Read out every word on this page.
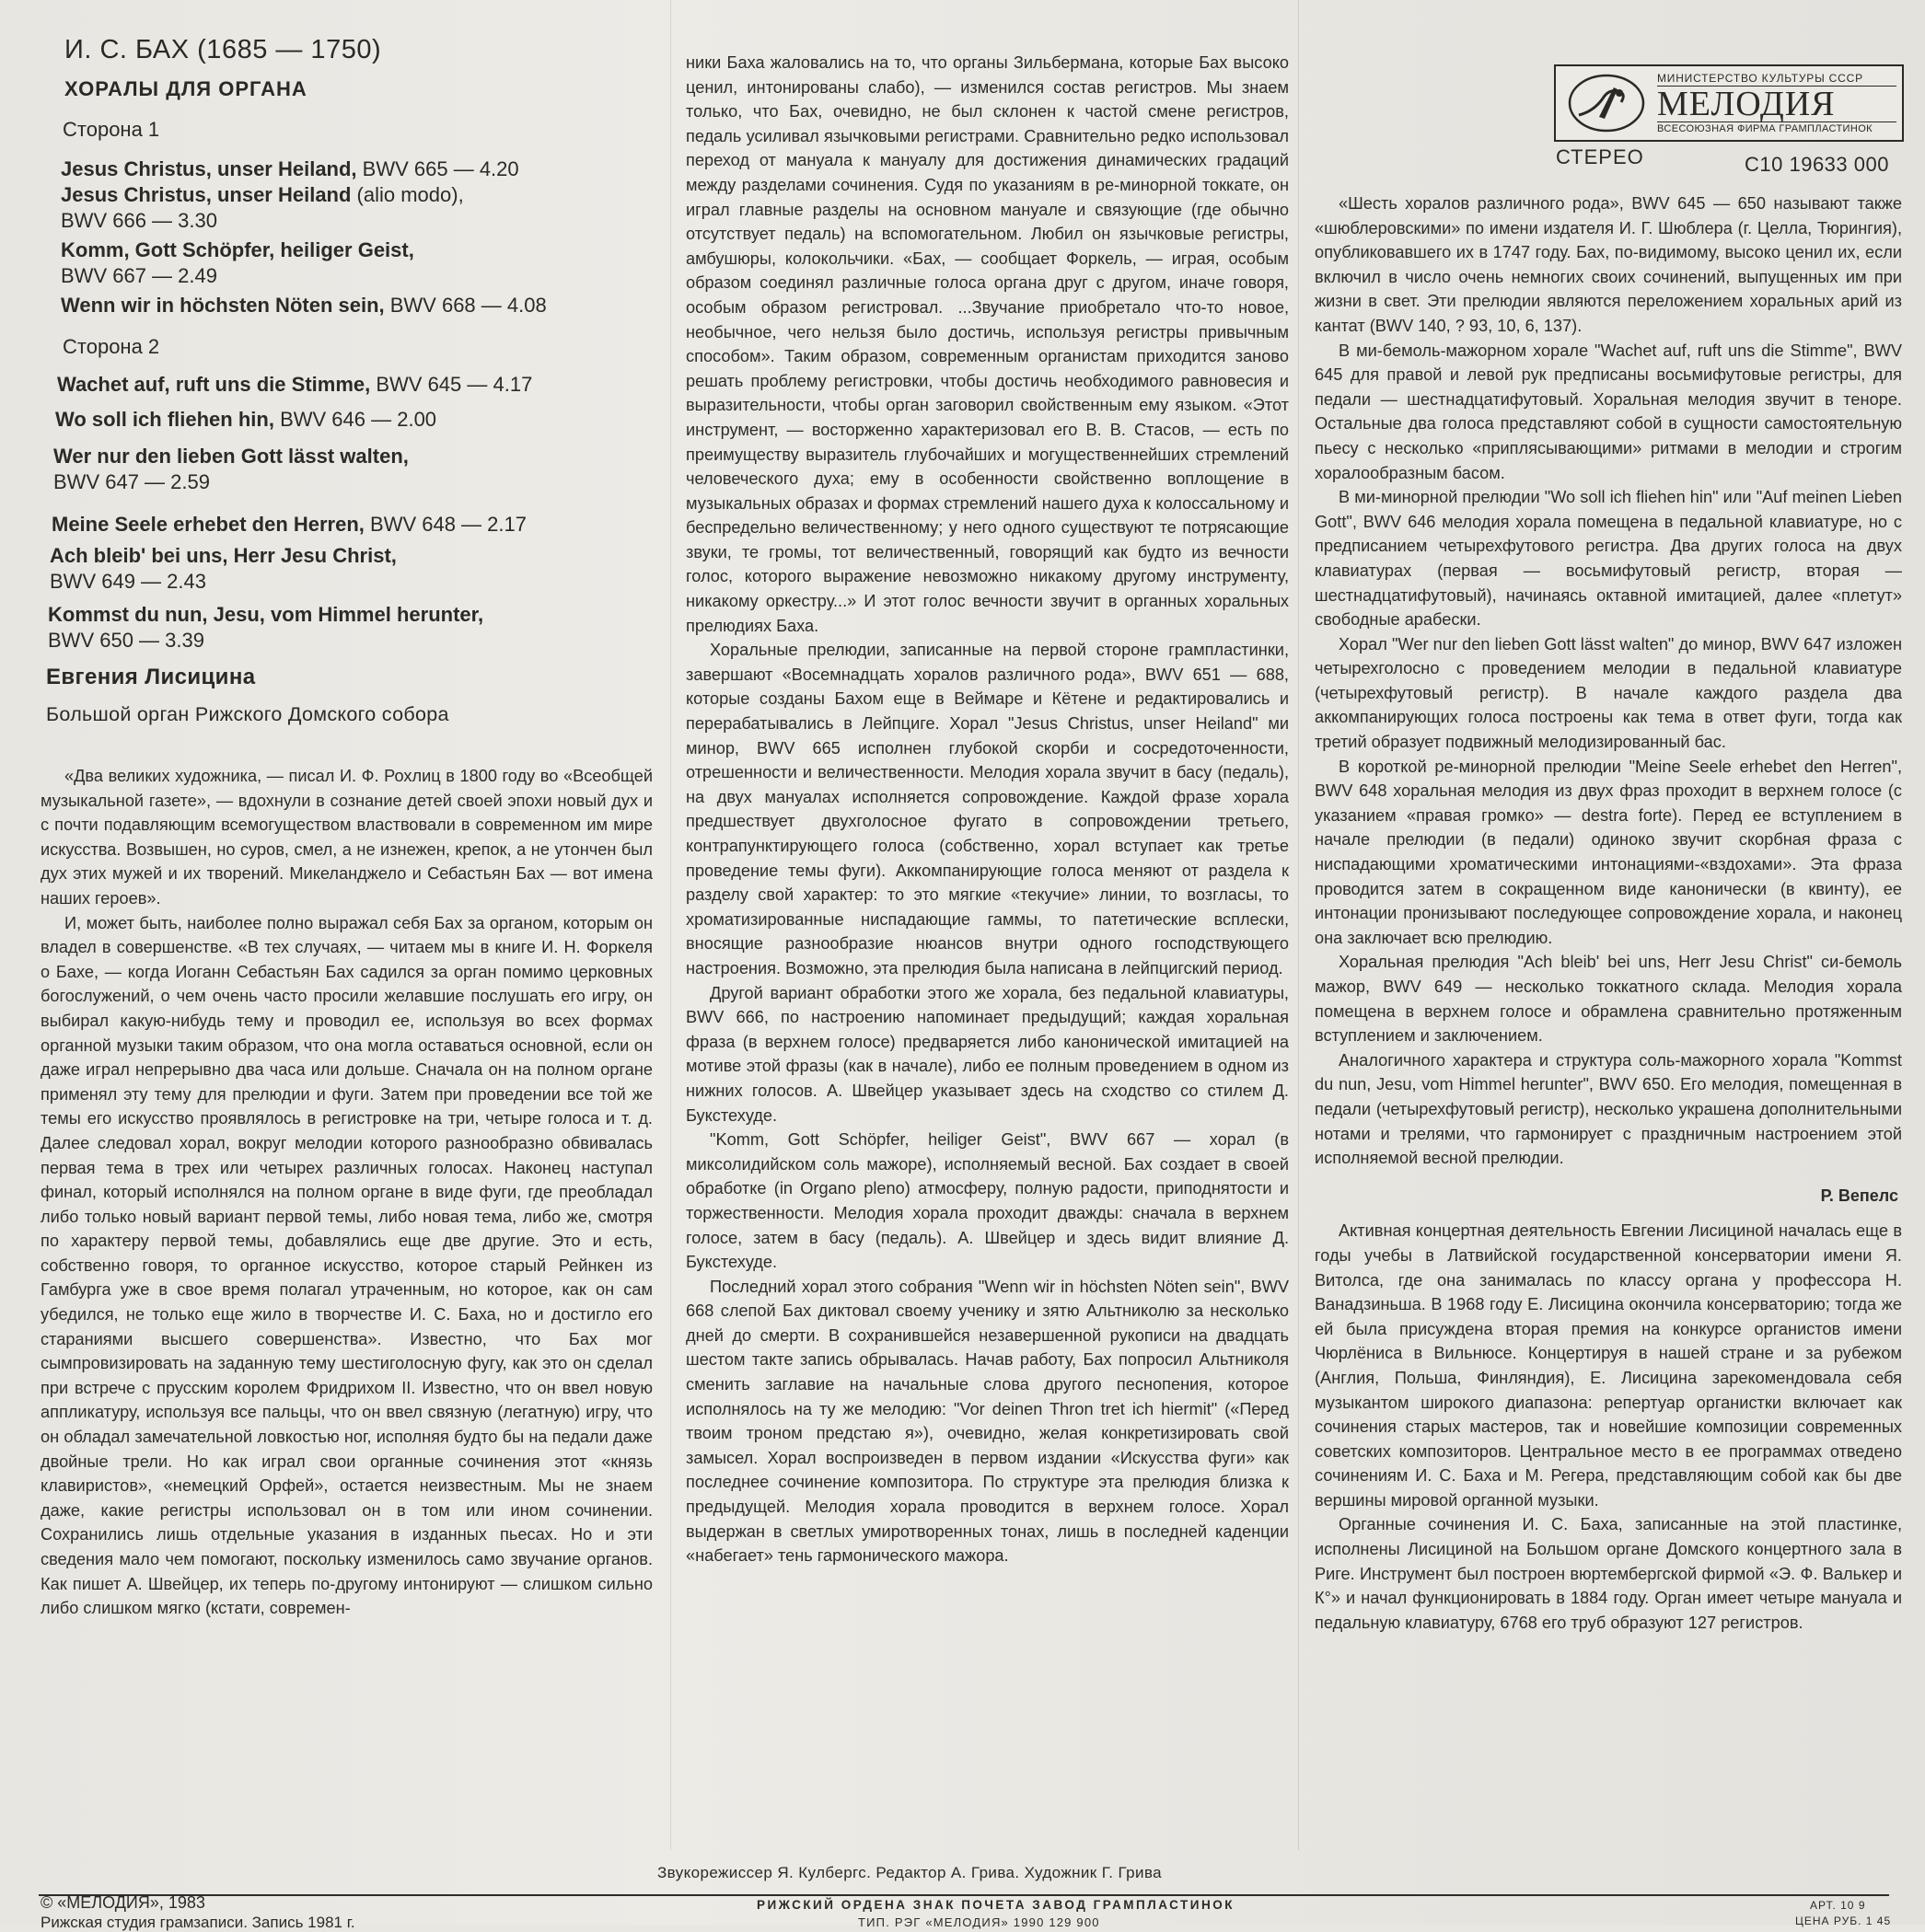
И. С. БАХ (1685 — 1750)
ХОРАЛЫ ДЛЯ ОРГАНА
Сторона 1
Jesus Christus, unser Heiland, BWV 665 — 4.20
Jesus Christus, unser Heiland (alio modo),
BWV 666 — 3.30
Komm, Gott Schöpfer, heiliger Geist,
BWV 667 — 2.49
Wenn wir in höchsten Nöten sein, BWV 668 — 4.08
Сторона 2
Wachet auf, ruft uns die Stimme, BWV 645 — 4.17
Wo soll ich fliehen hin, BWV 646 — 2.00
Wer nur den lieben Gott lässt walten,
BWV 647 — 2.59
Meine Seele erhebet den Herren, BWV 648 — 2.17
Ach bleib' bei uns, Herr Jesu Christ,
BWV 649 — 2.43
Kommst du nun, Jesu, vom Himmel herunter,
BWV 650 — 3.39
Евгения Лисицина
Большой орган Рижского Домского собора
МИНИСТЕРСТВО КУЛЬТУРЫ СССР
МЕЛОДИЯ
ВСЕСОЮЗНАЯ ФИРМА ГРАМПЛАСТИНОК
СТЕРЕО	С10 19633 000

«Два великих художника, — писал И. Ф. Рохлиц в 1800 году во «Всеобщей музыкальной газете», — вдохнули в сознание детей своей эпохи новый дух и с почти подавляющим всемогуществом властвовали в современном им мире искусства. Возвышен, но суров, смел, а не изнежен, крепок, а не утончен был дух этих мужей и их творений. Микеланджело и Себастьян Бах — вот имена наших героев».

И, может быть, наиболее полно выражал себя Бах за органом, которым он владел в совершенстве. «В тех случаях, — читаем мы в книге И. Н. Форкеля о Бахе, — когда Иоганн Себастьян Бах садился за орган помимо церковных богослужений, о чем очень часто просили желавшие послушать его игру, он выбирал какую-нибудь тему и проводил ее, используя во всех формах органной музыки таким образом, что она могла оставаться основной, если он даже играл непрерывно два часа или дольше. Сначала он на полном органе применял эту тему для прелюдии и фуги. Затем при проведении все той же темы его искусство проявлялось в регистровке на три, четыре голоса и т. д. Далее следовал хорал, вокруг мелодии которого разнообразно обвивалась первая тема в трех или четырех различных голосах. Наконец наступал финал, который исполнялся на полном органе в виде фуги, где преобладал либо только новый вариант первой темы, либо новая тема, либо же, смотря по характеру первой темы, добавлялись еще две другие. Это и есть, собственно говоря, то органное искусство, которое старый Рейнкен из Гамбурга уже в свое время полагал утраченным, но которое, как он сам убедился, не только еще жило в творчестве И. С. Баха, но и достигло его стараниями высшего совершенства». Известно, что Бах мог сымпровизировать на заданную тему шестиголосную фугу, как это он сделал при встрече с прусским королем Фридрихом II. Известно, что он ввел новую аппликатуру, используя все пальцы, что он ввел связную (легатную) игру, что он обладал замечательной ловкостью ног, исполняя будто бы на педали даже двойные трели. Но как играл свои органные сочинения этот «князь клавиристов», «немецкий Орфей», остается неизвестным. Мы не знаем даже, какие регистры использовал он в том или ином сочинении. Сохранились лишь отдельные указания в изданных пьесах. Но и эти сведения мало чем помогают, поскольку изменилось само звучание органов. Как пишет А. Швейцер, их теперь по-другому интонируют — слишком сильно либо слишком мягко (кстати, современ-

ники Баха жаловались на то, что органы Зильбермана, которые Бах высоко ценил, интонированы слабо), — изменился состав регистров. Мы знаем только, что Бах, очевидно, не был склонен к частой смене регистров, педаль усиливал язычковыми регистрами. Сравнительно редко использовал переход от мануала к мануалу для достижения динамических градаций между разделами сочинения. Судя по указаниям в ре-минорной токкате, он играл главные разделы на основном мануале и связующие (где обычно отсутствует педаль) на вспомогательном. Любил он язычковые регистры, амбушюры, колокольчики. «Бах, — сообщает Форкель, — играя, особым образом соединял различные голоса органа друг с другом, иначе говоря, особым образом регистровал. ...Звучание приобретало что-то новое, необычное, чего нельзя было достичь, используя регистры привычным способом». Таким образом, современным органистам приходится заново решать проблему регистровки, чтобы достичь необходимого равновесия и выразительности, чтобы орган заговорил свойственным ему языком. «Этот инструмент, — восторженно характеризовал его В. В. Стасов, — есть по преимуществу выразитель глубочайших и могущественнейших стремлений человеческого духа; ему в особенности свойственно воплощение в музыкальных образах и формах стремлений нашего духа к колоссальному и беспредельно величественному; у него одного существуют те потрясающие звуки, те громы, тот величественный, говорящий как будто из вечности голос, которого выражение невозможно никакому другому инструменту, никакому оркестру...» И этот голос вечности звучит в органных хоральных прелюдиях Баха.

Хоральные прелюдии, записанные на первой стороне грампластинки, завершают «Восемнадцать хоралов различного рода», BWV 651 — 688, которые созданы Бахом еще в Веймаре и Кётене и редактировались и перерабатывались в Лейпциге. Хорал "Jesus Christus, unser Heiland" ми минор, BWV 665 исполнен глубокой скорби и сосредоточенности, отрешенности и величественности. Мелодия хорала звучит в басу (педаль), на двух мануалах исполняется сопровождение. Каждой фразе хорала предшествует двухголосное фугато в сопровождении третьего, контрапунктирующего голоса (собственно, хорал вступает как третье проведение темы фуги). Аккомпанирующие голоса меняют от раздела к разделу свой характер: то это мягкие «текучие» линии, то возгласы, то хроматизированные ниспадающие гаммы, то патетические всплески, вносящие разнообразие нюансов внутри одного господствующего настроения. Возможно, эта прелюдия была написана в лейпцигский период.

Другой вариант обработки этого же хорала, без педальной клавиатуры, BWV 666, по настроению напоминает предыдущий; каждая хоральная фраза (в верхнем голосе) предваряется либо канонической имитацией на мотиве этой фразы (как в начале), либо ее полным проведением в одном из нижних голосов. А. Швейцер указывает здесь на сходство со стилем Д. Букстехуде.

"Komm, Gott Schöpfer, heiliger Geist", BWV 667 — хорал (в миксолидийском соль мажоре), исполняемый весной. Бах создает в своей обработке (in Organo pleno) атмосферу, полную радости, приподнятости и торжественности. Мелодия хорала проходит дважды: сначала в верхнем голосе, затем в басу (педаль). А. Швейцер и здесь видит влияние Д. Букстехуде.

Последний хорал этого собрания "Wenn wir in höchsten Nöten sein", BWV 668 слепой Бах диктовал своему ученику и зятю Альтниколю за несколько дней до смерти. В сохранившейся незавершенной рукописи на двадцать шестом такте запись обрывалась. Начав работу, Бах попросил Альтниколя сменить заглавие на начальные слова другого песнопения, которое исполнялось на ту же мелодию: "Vor deinen Thron tret ich hiermit" («Перед твоим троном предстаю я»), очевидно, желая конкретизировать свой замысел. Хорал воспроизведен в первом издании «Искусства фуги» как последнее сочинение композитора. По структуре эта прелюдия близка к предыдущей. Мелодия хорала проводится в верхнем голосе. Хорал выдержан в светлых умиротворенных тонах, лишь в последней каденции «набегает» тень гармонического мажора.

«Шесть хоралов различного рода», BWV 645 — 650 называют также «шюблеровскими» по имени издателя И. Г. Шюблера (г. Целла, Тюрингия), опубликовавшего их в 1747 году. Бах, по-видимому, высоко ценил их, если включил в число очень немногих своих сочинений, выпущенных им при жизни в свет. Эти прелюдии являются переложением хоральных арий из кантат (BWV 140, ? 93, 10, 6, 137).

В ми-бемоль-мажорном хорале "Wachet auf, ruft uns die Stimme", BWV 645 для правой и левой рук предписаны восьмифутовые регистры, для педали — шестнадцатифутовый. Хоральная мелодия звучит в теноре. Остальные два голоса представляют собой в сущности самостоятельную пьесу с несколько «приплясывающими» ритмами в мелодии и строгим хоралообразным басом.

В ми-минорной прелюдии "Wo soll ich fliehen hin" или "Auf meinen Lieben Gott", BWV 646 мелодия хорала помещена в педальной клавиатуре, но с предписанием четырехфутового регистра. Два других голоса на двух клавиатурах (первая — восьмифутовый регистр, вторая — шестнадцатифутовый), начинаясь октавной имитацией, далее «плетут» свободные арабески.

Хорал "Wer nur den lieben Gott lässt walten" до минор, BWV 647 изложен четырехголосно с проведением мелодии в педальной клавиатуре (четырехфутовый регистр). В начале каждого раздела два аккомпанирующих голоса построены как тема в ответ фуги, тогда как третий образует подвижный мелодизированный бас.

В короткой ре-минорной прелюдии "Meine Seele erhebet den Herren", BWV 648 хоральная мелодия из двух фраз проходит в верхнем голосе (с указанием «правая громко» — destra forte). Перед ее вступлением в начале прелюдии (в педали) одиноко звучит скорбная фраза с ниспадающими хроматическими интонациями-«вздохами». Эта фраза проводится затем в сокращенном виде канонически (в квинту), ее интонации пронизывают последующее сопровождение хорала, и наконец она заключает всю прелюдию.

Хоральная прелюдия "Ach bleib' bei uns, Herr Jesu Christ" си-бемоль мажор, BWV 649 — несколько токкатного склада. Мелодия хорала помещена в верхнем голосе и обрамлена сравнительно протяженным вступлением и заключением.

Аналогичного характера и структура соль-мажорного хорала "Kommst du nun, Jesu, vom Himmel herunter", BWV 650. Его мелодия, помещенная в педали (четырехфутовый регистр), несколько украшена дополнительными нотами и трелями, что гармонирует с праздничным настроением этой исполняемой весной прелюдии.

Р. Вепелс

Активная концертная деятельность Евгении Лисициной началась еще в годы учебы в Латвийской государственной консерватории имени Я. Витолса, где она занималась по классу органа у профессора Н. Ванадзиньша. В 1968 году Е. Лисицина окончила консерваторию; тогда же ей была присуждена вторая премия на конкурсе органистов имени Чюрлёниса в Вильнюсе. Концертируя в нашей стране и за рубежом (Англия, Польша, Финляндия), Е. Лисицина зарекомендовала себя музыкантом широкого диапазона: репертуар органистки включает как сочинения старых мастеров, так и новейшие композиции современных советских композиторов. Центральное место в ее программах отведено сочинениям И. С. Баха и М. Регера, представляющим собой как бы две вершины мировой органной музыки.

Органные сочинения И. С. Баха, записанные на этой пластинке, исполнены Лисициной на Большом органе Домского концертного зала в Риге. Инструмент был построен вюртембергской фирмой «Э. Ф. Валькер и К°» и начал функционировать в 1884 году. Орган имеет четыре мануала и педальную клавиатуру, 6768 его труб образуют 127 регистров.

Звукорежиссер Я. Кулбергс. Редактор А. Грива. Художник Г. Грива
© «МЕЛОДИЯ», 1983
Рижская студия грамзаписи. Запись 1981 г.
РИЖСКИЙ ОРДЕНА ЗНАК ПОЧЕТА ЗАВОД ГРАМПЛАСТИНОК
ТИП. РЭГ «МЕЛОДИЯ» 1990 129 900
АРТ. 10 9
ЦЕНА РУБ. 1 45
